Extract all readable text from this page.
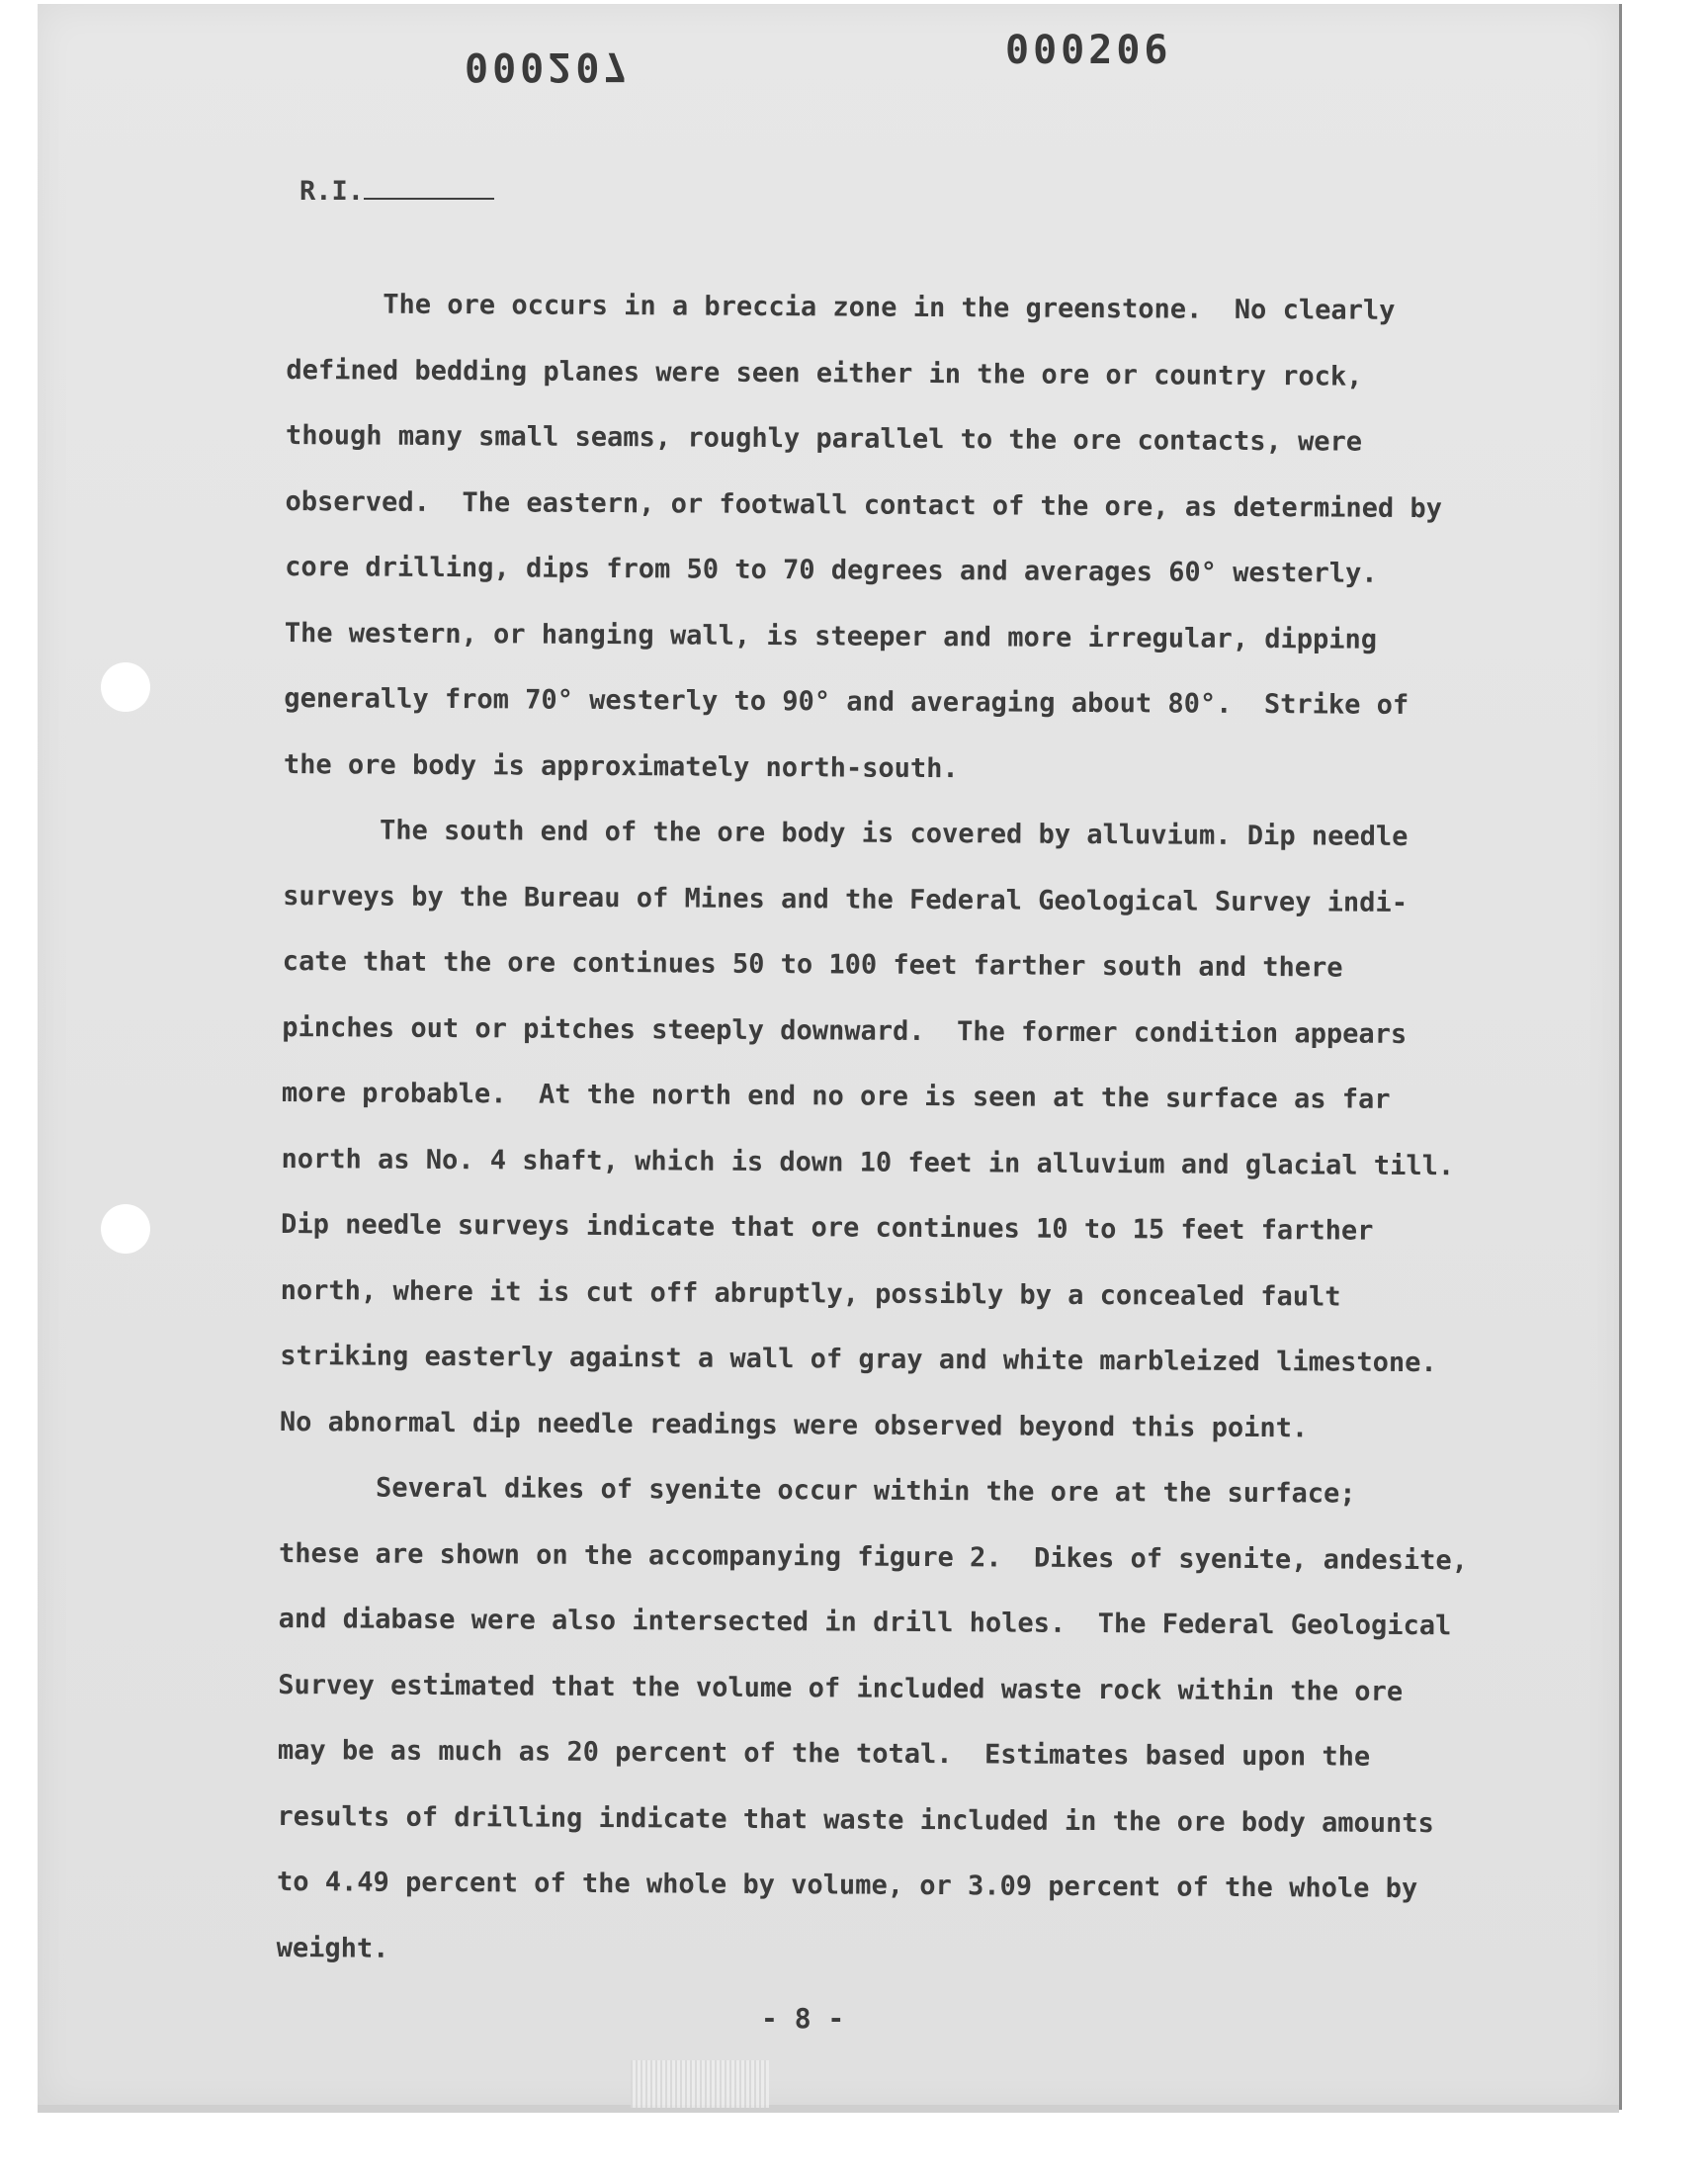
000207	000206
R.I.
The ore occurs in a breccia zone in the greenstone.  No clearly
defined bedding planes were seen either in the ore or country rock,
though many small seams, roughly parallel to the ore contacts, were
observed.  The eastern, or footwall contact of the ore, as determined by
core drilling, dips from 50 to 70 degrees and averages 60° westerly.
The western, or hanging wall, is steeper and more irregular, dipping
generally from 70° westerly to 90° and averaging about 80°.  Strike of
the ore body is approximately north-south.
The south end of the ore body is covered by alluvium. Dip needle
surveys by the Bureau of Mines and the Federal Geological Survey indi-
cate that the ore continues 50 to 100 feet farther south and there
pinches out or pitches steeply downward.  The former condition appears
more probable.  At the north end no ore is seen at the surface as far
north as No. 4 shaft, which is down 10 feet in alluvium and glacial till.
Dip needle surveys indicate that ore continues 10 to 15 feet farther
north, where it is cut off abruptly, possibly by a concealed fault
striking easterly against a wall of gray and white marbleized limestone.
No abnormal dip needle readings were observed beyond this point.
Several dikes of syenite occur within the ore at the surface;
these are shown on the accompanying figure 2.  Dikes of syenite, andesite,
and diabase were also intersected in drill holes.  The Federal Geological
Survey estimated that the volume of included waste rock within the ore
may be as much as 20 percent of the total.  Estimates based upon the
results of drilling indicate that waste included in the ore body amounts
to 4.49 percent of the whole by volume, or 3.09 percent of the whole by
weight.
- 8 -
